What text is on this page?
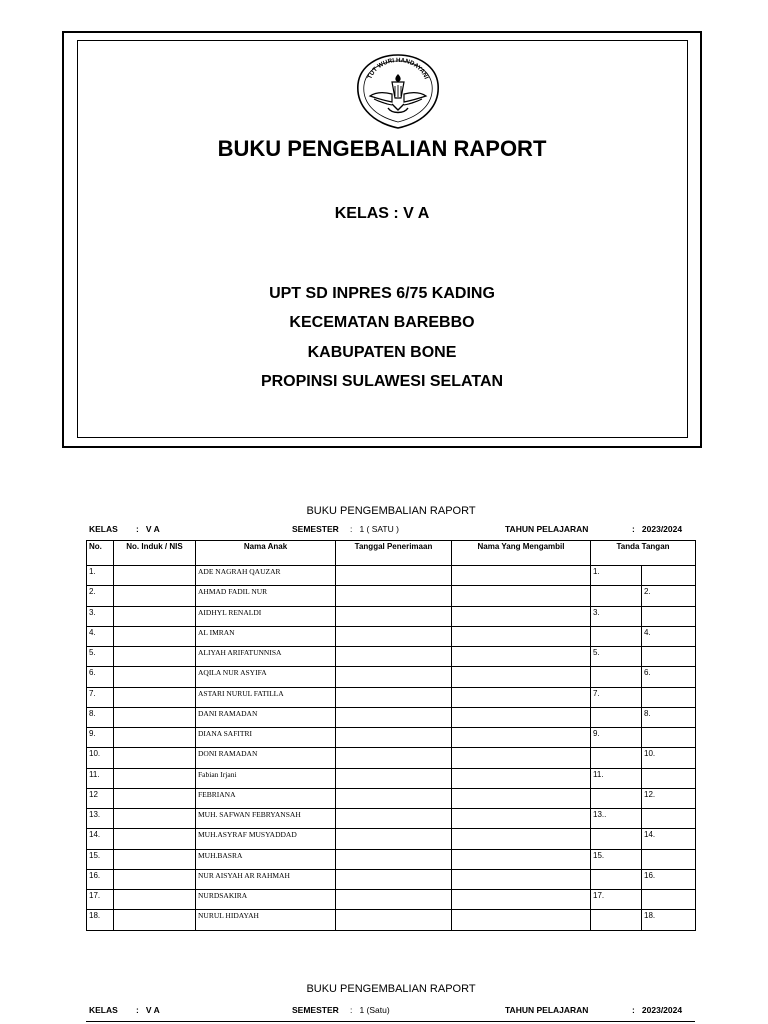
TUT WURI HANDAYANI
BUKU PENGEBALIAN RAPORT
KELAS : V A
UPT SD INPRES 6/75 KADING
KECEMATAN BAREBBO
KABUPATEN BONE
PROPINSI SULAWESI SELATAN
BUKU PENGEMBALIAN RAPORT
KELAS :   V A	SEMESTER :   1 ( SATU )	TAHUN PELAJARAN	:   2023/2024
No.	No. Induk / NIS	Nama Anak	Tanggal Penerimaan	Nama Yang Mengambil	Tanda Tangan	
1.		ADE NAGRAH QAUZAR			1.	
2.		AHMAD FADIL NUR				2.
3.		AIDHYL RENALDI			3.	
4.		AL IMRAN				4.
5.		ALIYAH ARIFATUNNISA			5.	
6.		AQILA NUR ASYIFA				6.
7.		ASTARI NURUL FATILLA			7.	
8.		DANI RAMADAN				8.
9.		DIANA SAFITRI			9.	
10.		DONI RAMADAN				10.
11.		Fabian Irjani			11.	
12		FEBRIANA				12.
13.		MUH. SAFWAN FEBRYANSAH			13..	
14.		MUH.ASYRAF MUSYADDAD				14.
15.		MUH.BASRA			15.	
16.		NUR AISYAH AR RAHMAH				16.
17.		NURDSAKIRA			17.	
18.		NURUL HIDAYAH				18.
BUKU PENGEMBALIAN RAPORT
KELAS :   V A	SEMESTER :   1 (Satu)	TAHUN PELAJARAN	:   2023/2024
